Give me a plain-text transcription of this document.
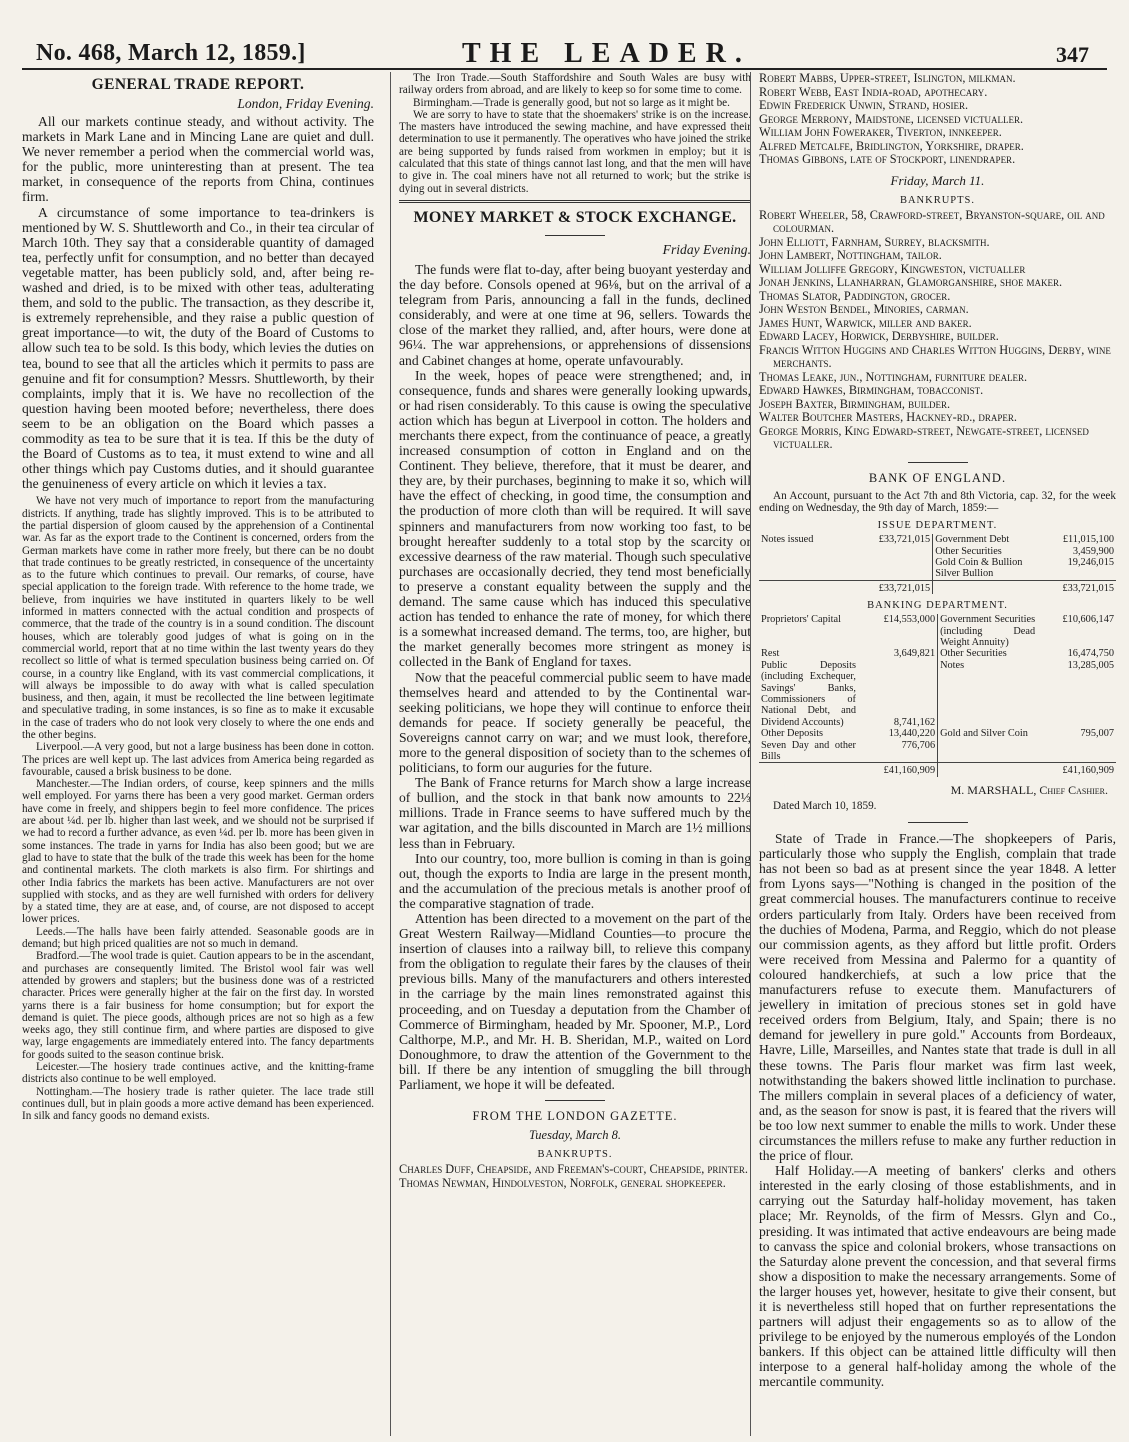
No. 468, March 12, 1859.]	THE LEADER.	347
GENERAL TRADE REPORT.
London, Friday Evening.

All our markets continue steady, and without activity. The markets in Mark Lane and in Mincing Lane are quiet and dull. We never remember a period when the commercial world was, for the public, more uninteresting than at present. The tea market, in consequence of the reports from China, continues firm.

A circumstance of some importance to tea-drinkers is mentioned by W. S. Shuttleworth and Co., in their tea circular of March 10th. They say that a considerable quantity of damaged tea, perfectly unfit for consumption, and no better than decayed vegetable matter, has been publicly sold, and, after being re-washed and dried, is to be mixed with other teas, adulterating them, and sold to the public. The transaction, as they describe it, is extremely reprehensible, and they raise a public question of great importance—to wit, the duty of the Board of Customs to allow such tea to be sold. Is this body, which levies the duties on tea, bound to see that all the articles which it permits to pass are genuine and fit for consumption? Messrs. Shuttleworth, by their complaints, imply that it is. We have no recollection of the question having been mooted before; nevertheless, there does seem to be an obligation on the Board which passes a commodity as tea to be sure that it is tea. If this be the duty of the Board of Customs as to tea, it must extend to wine and all other things which pay Customs duties, and it should guarantee the genuineness of every article on which it levies a tax.

We have not very much of importance to report from the manufacturing districts. If anything, trade has slightly improved. This is to be attributed to the partial dispersion of gloom caused by the apprehension of a Continental war. As far as the export trade to the Continent is concerned, orders from the German markets have come in rather more freely, but there can be no doubt that trade continues to be greatly restricted, in consequence of the uncertainty as to the future which continues to prevail. Our remarks, of course, have special application to the foreign trade. With reference to the home trade, we believe, from inquiries we have instituted in quarters likely to be well informed in matters connected with the actual condition and prospects of commerce, that the trade of the country is in a sound condition. The discount houses, which are tolerably good judges of what is going on in the commercial world, report that at no time within the last twenty years do they recollect so little of what is termed speculation business being carried on. Of course, in a country like England, with its vast commercial complications, it will always be impossible to do away with what is called speculation business, and then, again, it must be recollected the line between legitimate and speculative trading, in some instances, is so fine as to make it excusable in the case of traders who do not look very closely to where the one ends and the other begins.

Liverpool.—A very good, but not a large business has been done in cotton. The prices are well kept up. The last advices from America being regarded as favourable, caused a brisk business to be done.

Manchester.—The Indian orders, of course, keep spinners and the mills well employed. For yarns there has been a very good market. German orders have come in freely, and shippers begin to feel more confidence. The prices are about ¼d. per lb. higher than last week, and we should not be surprised if we had to record a further advance, as even ¼d. per lb. more has been given in some instances. The trade in yarns for India has also been good; but we are glad to have to state that the bulk of the trade this week has been for the home and continental markets. The cloth markets is also firm. For shirtings and other India fabrics the markets has been active. Manufacturers are not over supplied with stocks, and as they are well furnished with orders for delivery by a stated time, they are at ease, and, of course, are not disposed to accept lower prices.

Leeds.—The halls have been fairly attended. Seasonable goods are in demand; but high priced qualities are not so much in demand.

Bradford.—The wool trade is quiet. Caution appears to be in the ascendant, and purchases are consequently limited. The Bristol wool fair was well attended by growers and staplers; but the business done was of a restricted character. Prices were generally higher at the fair on the first day. In worsted yarns there is a fair business for home consumption; but for export the demand is quiet. The piece goods, although prices are not so high as a few weeks ago, they still continue firm, and where parties are disposed to give way, large engagements are immediately entered into. The fancy departments for goods suited to the season continue brisk.

Leicester.—The hosiery trade continues active, and the knitting-frame districts also continue to be well employed.

Nottingham.—The hosiery trade is rather quieter. The lace trade still continues dull, but in plain goods a more active demand has been experienced. In silk and fancy goods no demand exists.

The Iron Trade.—South Staffordshire and South Wales are busy with railway orders from abroad, and are likely to keep so for some time to come.

Birmingham.—Trade is generally good, but not so large as it might be.

We are sorry to have to state that the shoemakers' strike is on the increase. The masters have introduced the sewing machine, and have expressed their determination to use it permanently. The operatives who have joined the strike are being supported by funds raised from workmen in employ; but it is calculated that this state of things cannot last long, and that the men will have to give in. The coal miners have not all returned to work; but the strike is dying out in several districts.

MONEY MARKET & STOCK EXCHANGE.
Friday Evening.

The funds were flat to-day, after being buoyant yesterday and the day before. Consols opened at 96⅛, but on the arrival of a telegram from Paris, announcing a fall in the funds, declined considerably, and were at one time at 96, sellers. Towards the close of the market they rallied, and, after hours, were done at 96¼. The war apprehensions, or apprehensions of dissensions and Cabinet changes at home, operate unfavourably.

In the week, hopes of peace were strengthened; and, in consequence, funds and shares were generally looking upwards, or had risen considerably. To this cause is owing the speculative action which has begun at Liverpool in cotton. The holders and merchants there expect, from the continuance of peace, a greatly increased consumption of cotton in England and on the Continent. They believe, therefore, that it must be dearer, and they are, by their purchases, beginning to make it so, which will have the effect of checking, in good time, the consumption and the production of more cloth than will be required. It will save spinners and manufacturers from now working too fast, to be brought hereafter suddenly to a total stop by the scarcity or excessive dearness of the raw material. Though such speculative purchases are occasionally decried, they tend most beneficially to preserve a constant equality between the supply and the demand. The same cause which has induced this speculative action has tended to enhance the rate of money, for which there is a somewhat increased demand. The terms, too, are higher, but the market generally becomes more stringent as money is collected in the Bank of England for taxes.

Now that the peaceful commercial public seem to have made themselves heard and attended to by the Continental war-seeking politicians, we hope they will continue to enforce their demands for peace. If society generally be peaceful, the Sovereigns cannot carry on war; and we must look, therefore, more to the general disposition of society than to the schemes of politicians, to form our auguries for the future.

The Bank of France returns for March show a large increase of bullion, and the stock in that bank now amounts to 22⅓ millions. Trade in France seems to have suffered much by the war agitation, and the bills discounted in March are 1½ millions less than in February.

Into our country, too, more bullion is coming in than is going out, though the exports to India are large in the present month, and the accumulation of the precious metals is another proof of the comparative stagnation of trade.

Attention has been directed to a movement on the part of the Great Western Railway—Midland Counties—to procure the insertion of clauses into a railway bill, to relieve this company from the obligation to regulate their fares by the clauses of their previous bills. Many of the manufacturers and others interested in the carriage by the main lines remonstrated against this proceeding, and on Tuesday a deputation from the Chamber of Commerce of Birmingham, headed by Mr. Spooner, M.P., Lord Calthorpe, M.P., and Mr. H. B. Sheridan, M.P., waited on Lord Donoughmore, to draw the attention of the Government to the bill. If there be any intention of smuggling the bill through Parliament, we hope it will be defeated.

FROM THE LONDON GAZETTE.
Tuesday, March 8.
BANKRUPTS.

Charles Duff, Cheapside, and Freeman's-court, Cheapside, printer.

Thomas Newman, Hindolveston, Norfolk, general shopkeeper.

Robert Mabbs, Upper-street, Islington, milkman.

Robert Webb, East India-road, apothecary.

Edwin Frederick Unwin, Strand, hosier.

George Merrony, Maidstone, licensed victualler.

William John Foweraker, Tiverton, innkeeper.

Alfred Metcalfe, Bridlington, Yorkshire, draper.

Thomas Gibbons, late of Stockport, linendraper.

Friday, March 11.
BANKRUPTS.

Robert Wheeler, 58, Crawford-street, Bryanston-square, oil and colourman.

John Elliott, Farnham, Surrey, blacksmith.

John Lambert, Nottingham, tailor.

William Jolliffe Gregory, Kingweston, victualler

Jonah Jenkins, Llanharran, Glamorganshire, shoe maker.

Thomas Slator, Paddington, grocer.

John Weston Bendel, Minories, carman.

James Hunt, Warwick, miller and baker.

Edward Lacey, Horwick, Derbyshire, builder.

Francis Witton Huggins and Charles Witton Huggins, Derby, wine merchants.

Thomas Leake, jun., Nottingham, furniture dealer.

Edward Hawkes, Birmingham, tobacconist.

Joseph Baxter, Birmingham, builder.

Walter Boutcher Masters, Hackney-rd., draper.

George Morris, King Edward-street, Newgate-street, licensed victualler.

BANK OF ENGLAND.
An Account, pursuant to the Act 7th and 8th Victoria, cap. 32, for the week ending on Wednesday, the 9th day of March, 1859:—
ISSUE DEPARTMENT.
Notes issued	£33,721,015	Government Debt	£11,015,100
		Other Securities	3,459,900
		Gold Coin & Bullion	19,246,015
		Silver Bullion	
	£33,721,015		£33,721,015
BANKING DEPARTMENT.
Proprietors' Capital	£14,553,000	Government Securities (including Dead Weight Annuity)	£10,606,147
Rest	3,649,821	Other Securities	16,474,750
Public Deposits (including Exchequer, Savings' Banks, Commissioners of National Debt, and Dividend Accounts)	8,741,162	Notes	13,285,005
Other Deposits	13,440,220	Gold and Silver Coin	795,007
Seven Day and other Bills	776,706		
	£41,160,909		£41,160,909
M. MARSHALL, Chief Cashier.
Dated March 10, 1859.

State of Trade in France.—The shopkeepers of Paris, particularly those who supply the English, complain that trade has not been so bad as at present since the year 1848. A letter from Lyons says—"Nothing is changed in the position of the great commercial houses. The manufacturers continue to receive orders particularly from Italy. Orders have been received from the duchies of Modena, Parma, and Reggio, which do not please our commission agents, as they afford but little profit. Orders were received from Messina and Palermo for a quantity of coloured handkerchiefs, at such a low price that the manufacturers refuse to execute them. Manufacturers of jewellery in imitation of precious stones set in gold have received orders from Belgium, Italy, and Spain; there is no demand for jewellery in pure gold." Accounts from Bordeaux, Havre, Lille, Marseilles, and Nantes state that trade is dull in all these towns. The Paris flour market was firm last week, notwithstanding the bakers showed little inclination to purchase. The millers complain in several places of a deficiency of water, and, as the season for snow is past, it is feared that the rivers will be too low next summer to enable the mills to work. Under these circumstances the millers refuse to make any further reduction in the price of flour.

Half Holiday.—A meeting of bankers' clerks and others interested in the early closing of those establishments, and in carrying out the Saturday half-holiday movement, has taken place; Mr. Reynolds, of the firm of Messrs. Glyn and Co., presiding. It was intimated that active endeavours are being made to canvass the spice and colonial brokers, whose transactions on the Saturday alone prevent the concession, and that several firms show a disposition to make the necessary arrangements. Some of the larger houses yet, however, hesitate to give their consent, but it is nevertheless still hoped that on further representations the partners will adjust their engagements so as to allow of the privilege to be enjoyed by the numerous employés of the London bankers. If this object can be attained little difficulty will then interpose to a general half-holiday among the whole of the mercantile community.
